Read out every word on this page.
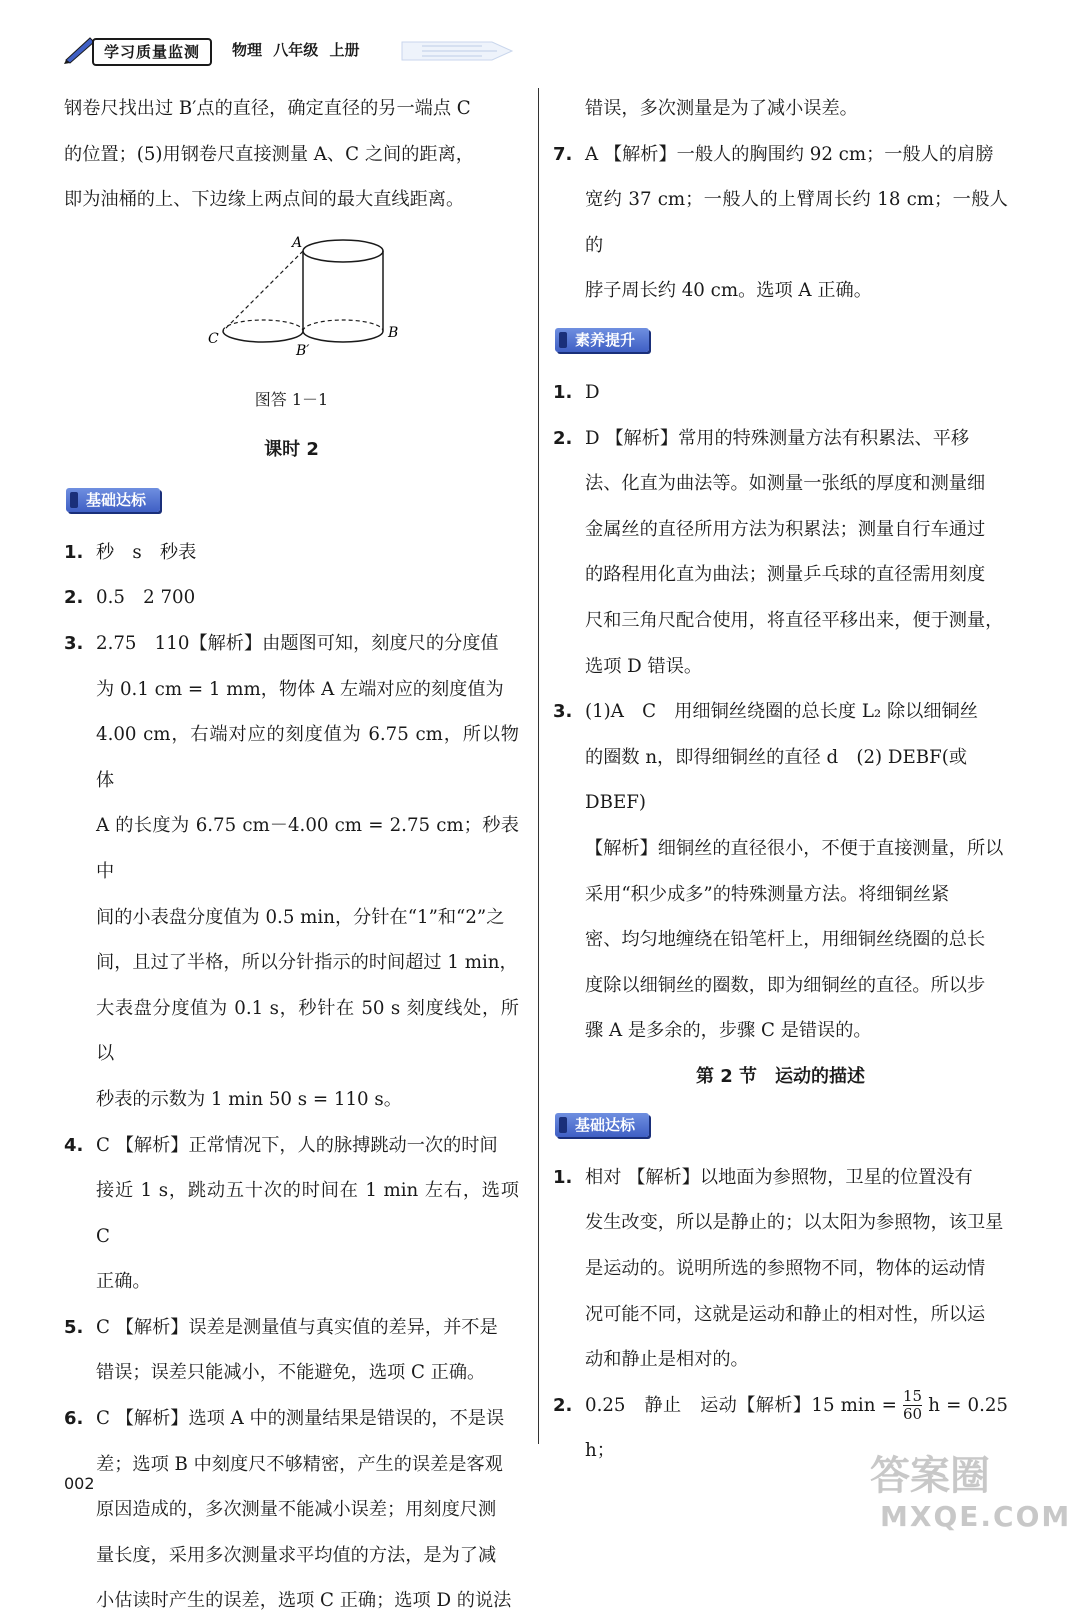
学习质量监测	物理 八年级 上册

钢卷尺找出过 B′点的直径，确定直径的另一端点 C

的位置；(5)用钢卷尺直接测量 A、C 之间的距离，

即为油桶的上、下边缘上两点间的最大直线距离。

A
B
C
B′

图答 1－1

课时 2

基础达标
1. 秒　s　秒表

2. 0.5　2 700

3. 2.75　110【解析】由题图可知，刻度尺的分度值

为 0.1 cm = 1 mm，物体 A 左端对应的刻度值为

4.00 cm，右端对应的刻度值为 6.75 cm，所以物体

A 的长度为 6.75 cm－4.00 cm = 2.75 cm；秒表中

间的小表盘分度值为 0.5 min，分针在“1”和“2”之

间，且过了半格，所以分针指示的时间超过 1 min，

大表盘分度值为 0.1 s，秒针在 50 s 刻度线处，所以

秒表的示数为 1 min 50 s = 110 s。

4. C 【解析】正常情况下，人的脉搏跳动一次的时间

接近 1 s，跳动五十次的时间在 1 min 左右，选项 C

正确。

5. C 【解析】误差是测量值与真实值的差异，并不是

错误；误差只能减小，不能避免，选项 C 正确。

6. C 【解析】选项 A 中的测量结果是错误的，不是误

差；选项 B 中刻度尺不够精密，产生的误差是客观

原因造成的，多次测量不能减小误差；用刻度尺测

量长度，采用多次测量求平均值的方法，是为了减

小估读时产生的误差，选项 C 正确；选项 D 的说法

错误，多次测量是为了减小误差。

7. A 【解析】一般人的胸围约 92 cm；一般人的肩膀

宽约 37 cm；一般人的上臂周长约 18 cm；一般人的

脖子周长约 40 cm。选项 A 正确。

素养提升
1. D

2. D 【解析】常用的特殊测量方法有积累法、平移

法、化直为曲法等。如测量一张纸的厚度和测量细

金属丝的直径所用方法为积累法；测量自行车通过

的路程用化直为曲法；测量乒乓球的直径需用刻度

尺和三角尺配合使用，将直径平移出来，便于测量，

选项 D 错误。

3. (1)A　C　用细铜丝绕圈的总长度 L₂ 除以细铜丝

的圈数 n，即得细铜丝的直径 d　(2) DEBF(或

DBEF)

【解析】细铜丝的直径很小，不便于直接测量，所以

采用“积少成多”的特殊测量方法。将细铜丝紧

密、均匀地缠绕在铅笔杆上，用细铜丝绕圈的总长

度除以细铜丝的圈数，即为细铜丝的直径。所以步

骤 A 是多余的，步骤 C 是错误的。

第 2 节　运动的描述

基础达标
1. 相对 【解析】以地面为参照物，卫星的位置没有

发生改变，所以是静止的；以太阳为参照物，该卫星

是运动的。说明所选的参照物不同，物体的运动情

况可能不同，这就是运动和静止的相对性，所以运

动和静止是相对的。

2. 0.25　静止　运动【解析】15 $\min = \frac{15}{60}$ h = 0.25 h；

002	答案圈
MXQE.COM
